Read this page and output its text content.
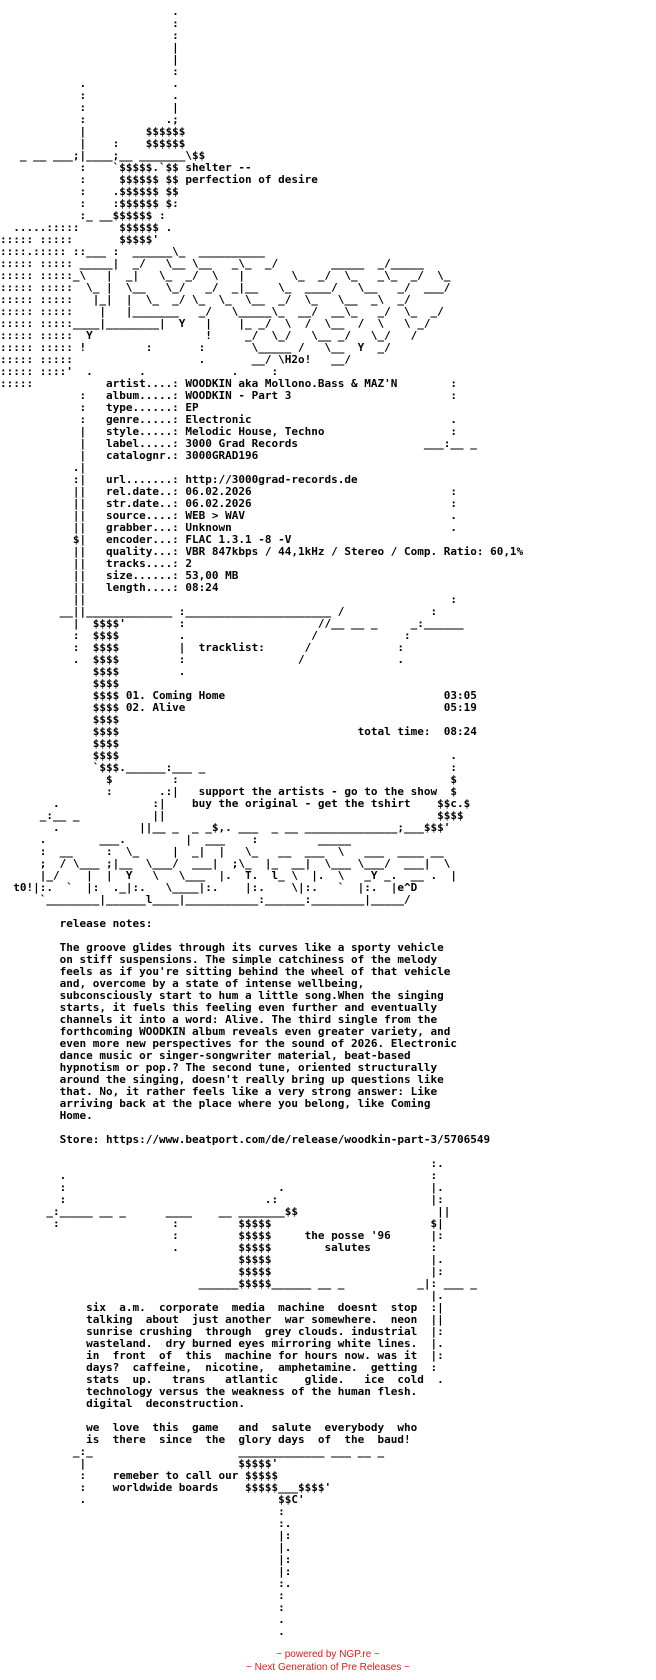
.
:
:
|
|
:
.             .
:             .
:             |
:            .;
|         $$$$$$
|    :    $$$$$$
_ __ ___;|____;__ _______\$$
:    `$$$$$.`$$ shelter --
:     $$$$$$ $$ perfection of desire
:    .$$$$$$ $$
:    :$$$$$$ $:
:_ __$$$$$$ :
.....:::::      $$$$$$ .
::::: :::::       $$$$$'
::::.::::: ::___ :  ______\_  __________
::::: ::::: _____|  _/   \__ \__   _\_  _/        _____  _/_____
::::: :::::_\   |  _|   \_  _/  \   |       \_  _/  \_   _\_  _/  \_
::::: :::::  \_ |  \__   \_/   _/  _|__   \_  ____/   \__   _/  ___/
::::: :::::   |_|  |  \_  _/ \_  \_  \__  _/  \_   \__  _\  _/
::::: :::::    |   |_______   _/   \_____\_  __/  __\_   _/  \_  _/
::::: :::::____|________|  Y   |    |_ _/  \  /  \__  /  \   \ _/
::::: :::::  Y                 !     _/  \_/   \__ _/   \_/   /
::::: ::::: !         :       :       \_____ /   \__  Y  _/
::::: :::::                   .       __/ \H2o!   __/
::::: ::::'  .       .             .     :
:::::           artist....: WOODKIN aka Mollono.Bass & MAZ'N        :
:   album.....: WOODKIN - Part 3                        :
:   type......: EP
:   genre.....: Electronic                              .
|   style.....: Melodic House, Techno                   :
|   label.....: 3000 Grad Records                   ___:__ _
|   catalognr.: 3000GRAD196
.|
:|   url.......: http://3000grad-records.de
||   rel.date..: 06.02.2026                              :
||   str.date..: 06.02.2026                              :
||   source....: WEB > WAV                               .
||   grabber...: Unknown                                 .
$|   encoder...: FLAC 1.3.1 -8 -V
||   quality...: VBR 847kbps / 44,1kHz / Stereo / Comp. Ratio: 60,1%
||   tracks....: 2
||   size......: 53,00 MB
||   length....: 08:24
||                                                       :
__||_____________ :______________________ /             :
|  $$$$'        :                    //__ __ _     _:______
:  $$$$         .                   /             :
:  $$$$         |  tracklist:      /             :
.  $$$$         :                 /              .
$$$$         .
$$$$
$$$$ 01. Coming Home                                 03:05
$$$$ 02. Alive                                       05:19
$$$$
$$$$                                    total time:  08:24
$$$$
$$$$                                                  .
`$$$.______:___ _                                     :
$         :                                         $
:       .:|   support the artists - go to the show  $
.              :|    buy the original - get the tshirt    $$c.$
_:__ _           ||                                         $$$$
.            ||__ _  _ _$,. ___  _ __ ______________;___$$$'
.        ___.         |  ___    :         _____
:  __     :  \_     |  _|  |   \_   __  ___  \   ___  ____ __
;  / \___ ;|__  \___/  ___|  ;\_  |_  __|  \___ \___/  ___|  \
|_/    |  |  Y   \   \___  |.  T.  l_ \  |.  \   _Y _.  __ .  |
t0!|:.  `  |:  ._|:.   \____|:.    |:.    \|:.   `  |:.  |e^D
`________|______l____|___________:______:________|_____/

release notes:

The groove glides through its curves like a sporty vehicle
on stiff suspensions. The simple catchiness of the melody
feels as if you're sitting behind the wheel of that vehicle
and, overcome by a state of intense wellbeing,
subconsciously start to hum a little song.When the singing
starts, it fuels this feeling even further and eventually
channels it into a word: Alive. The third single from the
forthcoming WOODKIN album reveals even greater variety, and
even more new perspectives for the sound of 2026. Electronic
dance music or singer-songwriter material, beat-based
hypnotism or pop.? The second tune, oriented structurally
around the singing, doesn't really bring up questions like
that. No, it rather feels like a very strong answer: Like
arriving back at the place where you belong, like Coming
Home.

Store: https://www.beatport.com/de/release/woodkin-part-3/5706549

:.
.                                                       :
:                                .                      |.
:                              .:                       |:
_:_____ __ _      ____    __ _______$$                     ||
:                 :         $$$$$                        $|
:         $$$$$     the posse '96      |:
.         $$$$$        salutes         :
$$$$$                        |.
$$$$$                        |:
______$$$$$______ __ _           _|: ___ _
|.
six  a.m.  corporate  media  machine  doesnt  stop  :|
talking  about  just another  war somewhere.  neon  ||
sunrise crushing  through  grey clouds. industrial  |:
wasteland.  dry burned eyes mirroring white lines.  |.
in  front  of  this  machine for hours now. was it  |:
days?  caffeine,  nicotine,  amphetamine.  getting  :
stats  up.   trans   atlantic    glide.   ice  cold  .
technology versus the weakness of the human flesh.
digital  deconstruction.

we  love  this  game   and  salute  everybody  who
is  there  since  the  glory days  of  the  baud!
_:_                      _____________ ___ __ _
|                       $$$$$'
:    remeber to call our $$$$$
:    worldwide boards    $$$$$___$$$$'
.                             $$C'
:
:.
|:
|.
|:
|:
:.
:
:
.
.

~ powered by NGP.re ~
~ Next Generation of Pre Releases ~
